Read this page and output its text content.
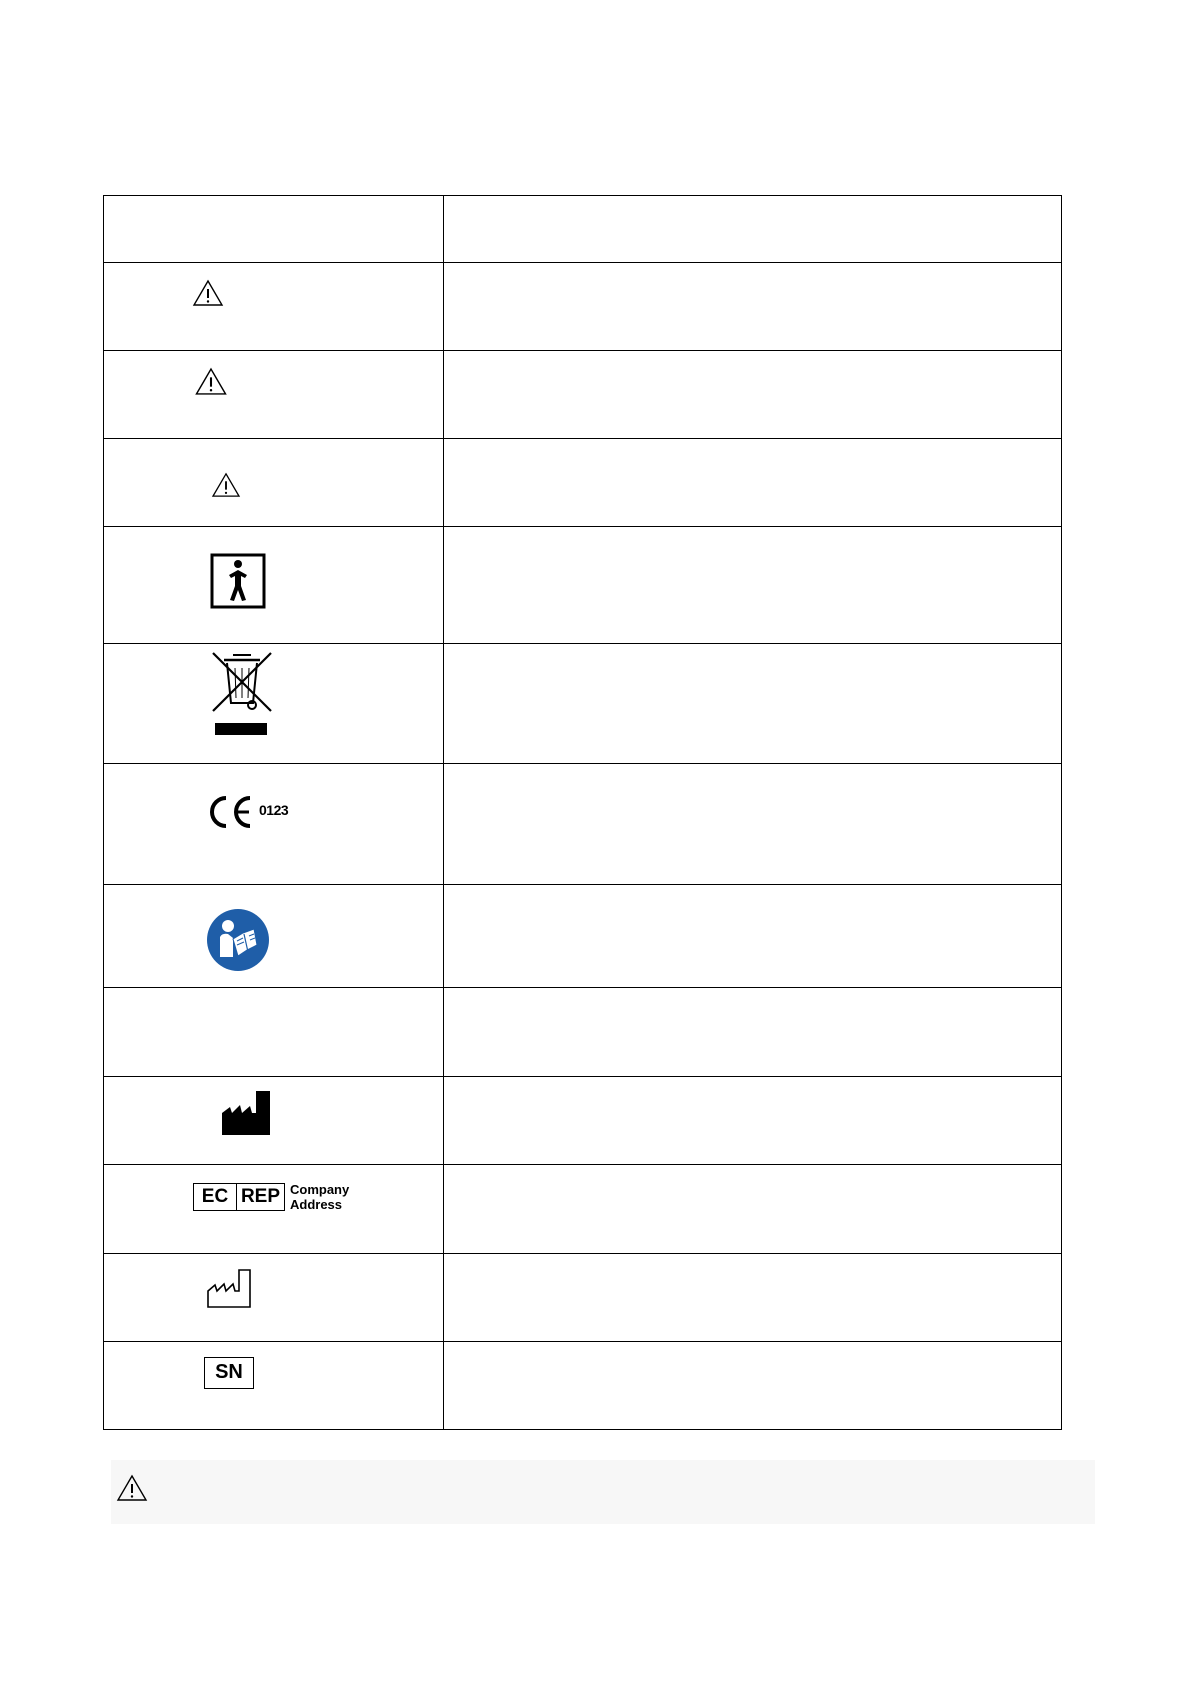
0123	

EC REP Company
Address	

SN	
